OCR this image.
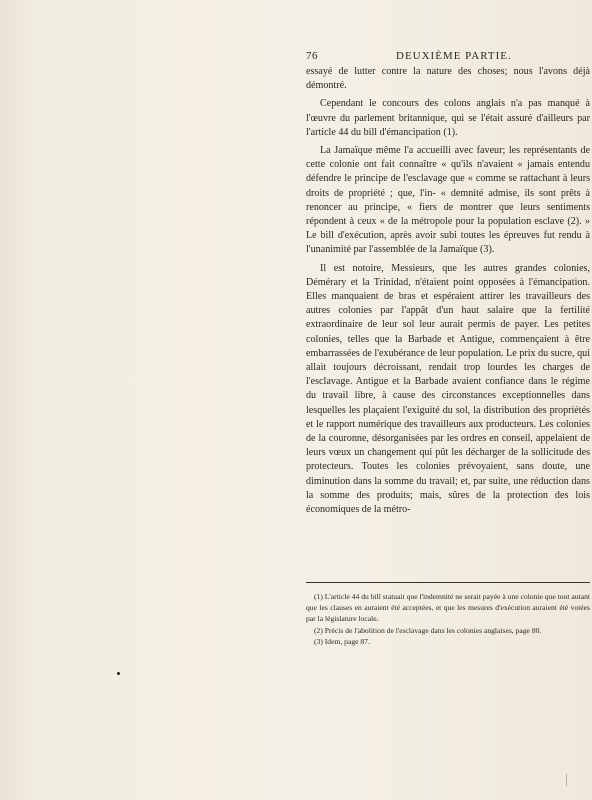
76	DEUXIÈME PARTIE.

essayé de lutter contre la nature des choses; nous l'avons déjà démontré.

Cependant le concours des colons anglais n'a pas manqué à l'œuvre du parlement britannique, qui se l'était assuré d'ailleurs par l'article 44 du bill d'émancipation (1).

La Jamaïque même l'a accueilli avec faveur; les représentants de cette colonie ont fait connaître « qu'ils n'avaient « jamais entendu défendre le principe de l'esclavage que « comme se rattachant à leurs droits de propriété ; que, l'in- « demnité admise, ils sont prêts à renoncer au principe, « fiers de montrer que leurs sentiments répondent à ceux « de la métropole pour la population esclave (2). » Le bill d'exécution, après avoir subi toutes les épreuves fut rendu à l'unanimité par l'assemblée de la Jamaïque (3).

Il est notoire, Messieurs, que les autres grandes colonies, Démérary et la Trinidad, n'étaient point opposées à l'émancipation. Elles manquaient de bras et espéraient attirer les travailleurs des autres colonies par l'appât d'un haut salaire que la fertilité extraordinaire de leur sol leur aurait permis de payer. Les petites colonies, telles que la Barbade et Antigue, commençaient à être embarrassées de l'exubérance de leur population. Le prix du sucre, qui allait toujours décroissant, rendait trop lourdes les charges de l'esclavage. Antigue et la Barbade avaient confiance dans le régime du travail libre, à cause des circonstances exceptionnelles dans lesquelles les plaçaient l'exiguité du sol, la distribution des propriétés et le rapport numérique des travailleurs aux producteurs. Les colonies de la couronne, désorganisées par les ordres en conseil, appelaient de leurs vœux un changement qui pût les décharger de la sollicitude des protecteurs. Toutes les colonies prévoyaient, sans doute, une diminution dans la somme du travail; et, par suite, une réduction dans la somme des produits; mais, sûres de la protection des lois économiques de la métro-

(1) L'article 44 du bill statuait que l'indemnité ne serait payée à une colonie que tout autant que les clauses en auraient été acceptées, et que les mesures d'exécution auraient été votées par la législature locale.

(2) Précis de l'abolition de l'esclavage dans les colonies anglaises, page 80.

(3) Idem, page 87.
